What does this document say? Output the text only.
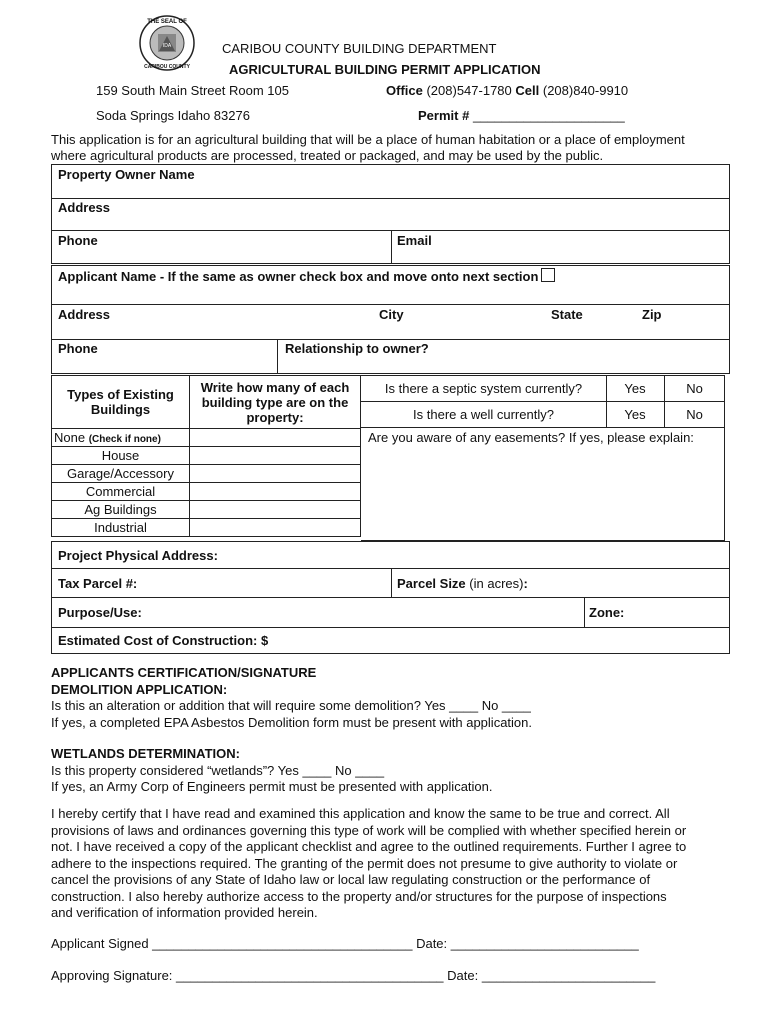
IDA
THE SEAL OF
CARIBOU COUNTY
CARIBOU COUNTY BUILDING DEPARTMENT
AGRICULTURAL BUILDING PERMIT APPLICATION
159 South Main Street Room 105
Soda Springs Idaho 83276
Office (208)547-1780 Cell (208)840-9910
Permit # _____________________
This application is for an agricultural building that will be a place of human habitation or a place of employment
where agricultural products are processed, treated or packaged, and may be used by the public.
Property Owner Name
Address
Phone	Email
Applicant Name - If the same as owner check box and move onto next section
Address	City	State	Zip
Phone	Relationship to owner?
Types of Existing Buildings	Write how many of each building type are on the property:
None (Check if none)	
House	
Garage/Accessory	
Commercial	
Ag Buildings	
Industrial	
Is there a septic system currently?	Yes	No
Is there a well currently?	Yes	No
Are you aware of any easements? If yes, please explain:
Project Physical Address:
Tax Parcel #:	Parcel Size (in acres):
Purpose/Use:	Zone:
Estimated Cost of Construction: $
APPLICANTS CERTIFICATION/SIGNATURE
DEMOLITION APPLICATION:
Is this an alteration or addition that will require some demolition? Yes ____ No ____
If yes, a completed EPA Asbestos Demolition form must be present with application.
WETLANDS DETERMINATION:
Is this property considered “wetlands”? Yes ____ No ____
If yes, an Army Corp of Engineers permit must be presented with application.
I hereby certify that I have read and examined this application and know the same to be true and correct. All
provisions of laws and ordinances governing this type of work will be complied with whether specified herein or
not. I have received a copy of the applicant checklist and agree to the outlined requirements. Further I agree to
adhere to the inspections required. The granting of the permit does not presume to give authority to violate or
cancel the provisions of any State of Idaho law or local law regulating construction or the performance of
construction. I also hereby authorize access to the property and/or structures for the purpose of inspections
and verification of information provided herein.
Applicant Signed ____________________________________ Date: __________________________
Approving Signature: _____________________________________ Date: ________________________
